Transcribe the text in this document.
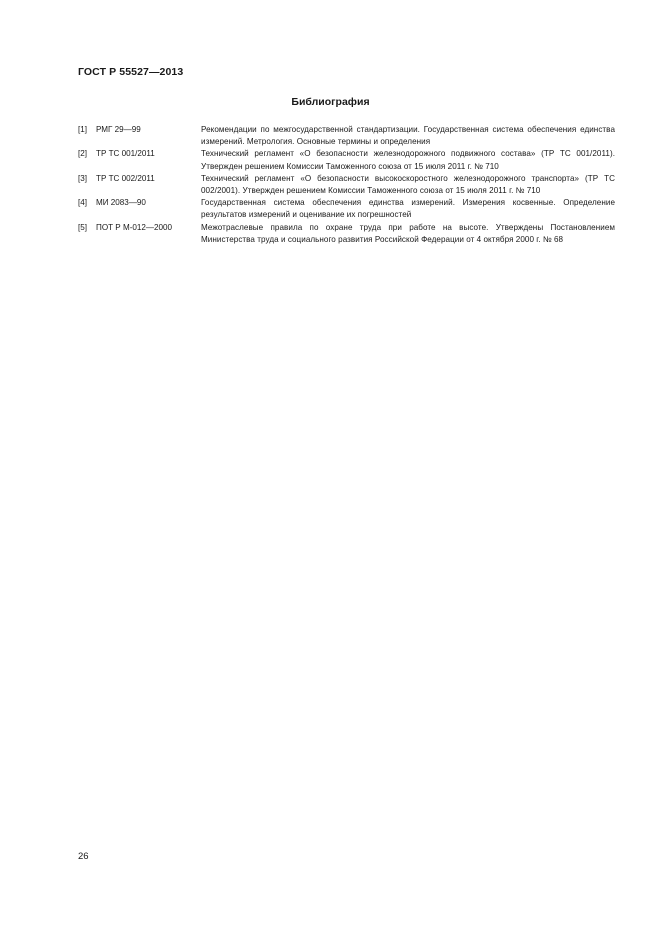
ГОСТ Р 55527—2013
Библиография
[1]	РМГ 29—99	Рекомендации по межгосударственной стандартизации. Государственная система обеспечения единства измерений. Метрология. Основные термины и определения
[2]	ТР ТС 001/2011	Технический регламент «О безопасности железнодорожного подвижного состава» (ТР ТС 001/2011). Утвержден решением Комиссии Таможенного союза от 15 июля 2011 г. № 710
[3]	ТР ТС 002/2011	Технический регламент «О безопасности высокоскоростного железнодорожного транспорта» (ТР ТС 002/2001). Утвержден решением Комиссии Таможенного союза от 15 июля 2011 г. № 710
[4]	МИ 2083—90	Государственная система обеспечения единства измерений. Измерения косвенные. Определение результатов измерений и оценивание их погрешностей
[5]	ПОТ Р М-012—2000	Межотраслевые правила по охране труда при работе на высоте. Утверждены Постановлением Министерства труда и социального развития Российской Федерации от 4 октября 2000 г. № 68
26
